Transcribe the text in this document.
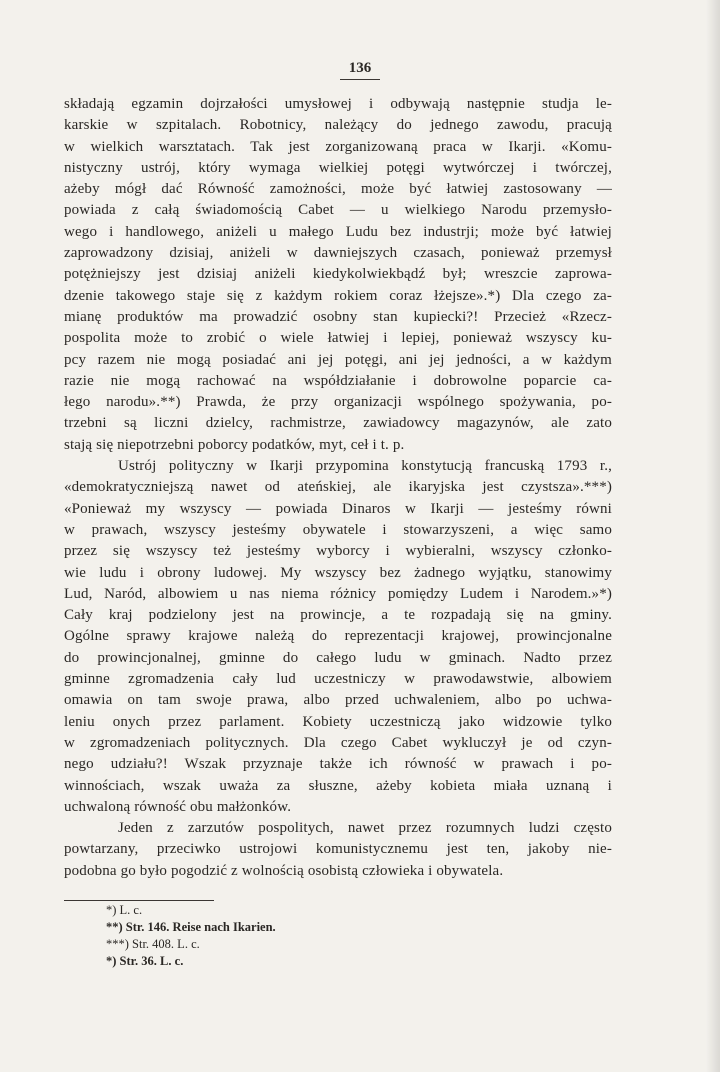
136
składają egzamin dojrzałości umysłowej i odbywają następnie studja le-
karskie w szpitalach. Robotnicy, należący do jednego zawodu, pracują
w wielkich warsztatach. Tak jest zorganizowaną praca w Ikarji. «Komu-
nistyczny ustrój, który wymaga wielkiej potęgi wytwórczej i twórczej,
ażeby mógł dać Równość zamożności, może być łatwiej zastosowany —
powiada z całą świadomością Cabet — u wielkiego Narodu przemysło-
wego i handlowego, aniżeli u małego Ludu bez industrji; może być łatwiej
zaprowadzony dzisiaj, aniżeli w dawniejszych czasach, ponieważ przemysł
potężniejszy jest dzisiaj aniżeli kiedykolwiekbądź był; wreszcie zaprowa-
dzenie takowego staje się z każdym rokiem coraz łżejsze».*) Dla czego za-
mianę produktów ma prowadzić osobny stan kupiecki?! Przecież «Rzecz-
pospolita może to zrobić o wiele łatwiej i lepiej, ponieważ wszyscy ku-
pcy razem nie mogą posiadać ani jej potęgi, ani jej jedności, a w każdym
razie nie mogą rachować na współdziałanie i dobrowolne poparcie ca-
łego narodu».**) Prawda, że przy organizacji wspólnego spożywania, po-
trzebni są liczni dzielcy, rachmistrze, zawiadowcy magazynów, ale zato
stają się niepotrzebni poborcy podatków, myt, ceł i t. p.
Ustrój polityczny w Ikarji przypomina konstytucją francuską 1793 r.,
«demokratyczniejszą nawet od ateńskiej, ale ikaryjska jest czystsza».***)
«Ponieważ my wszyscy — powiada Dinaros w Ikarji — jesteśmy równi
w prawach, wszyscy jesteśmy obywatele i stowarzyszeni, a więc samo
przez się wszyscy też jesteśmy wyborcy i wybieralni, wszyscy członko-
wie ludu i obrony ludowej. My wszyscy bez żadnego wyjątku, stanowimy
Lud, Naród, albowiem u nas niema różnicy pomiędzy Ludem i Narodem.»*)
Cały kraj podzielony jest na prowincje, a te rozpadają się na gminy.
Ogólne sprawy krajowe należą do reprezentacji krajowej, prowincjonalne
do prowincjonalnej, gminne do całego ludu w gminach. Nadto przez
gminne zgromadzenia cały lud uczestniczy w prawodawstwie, albowiem
omawia on tam swoje prawa, albo przed uchwaleniem, albo po uchwa-
leniu onych przez parlament. Kobiety uczestniczą jako widzowie tylko
w zgromadzeniach politycznych. Dla czego Cabet wykluczył je od czyn-
nego udziału?! Wszak przyznaje także ich równość w prawach i po-
winnościach, wszak uważa za słuszne, ażeby kobieta miała uznaną i
uchwaloną równość obu małżonków.
Jeden z zarzutów pospolitych, nawet przez rozumnych ludzi często
powtarzany, przeciwko ustrojowi komunistycznemu jest ten, jakoby nie-
podobna go było pogodzić z wolnością osobistą człowieka i obywatela.
*) L. c.
**) Str. 146. Reise nach Ikarien.
***) Str. 408. L. c.
*) Str. 36. L. c.
